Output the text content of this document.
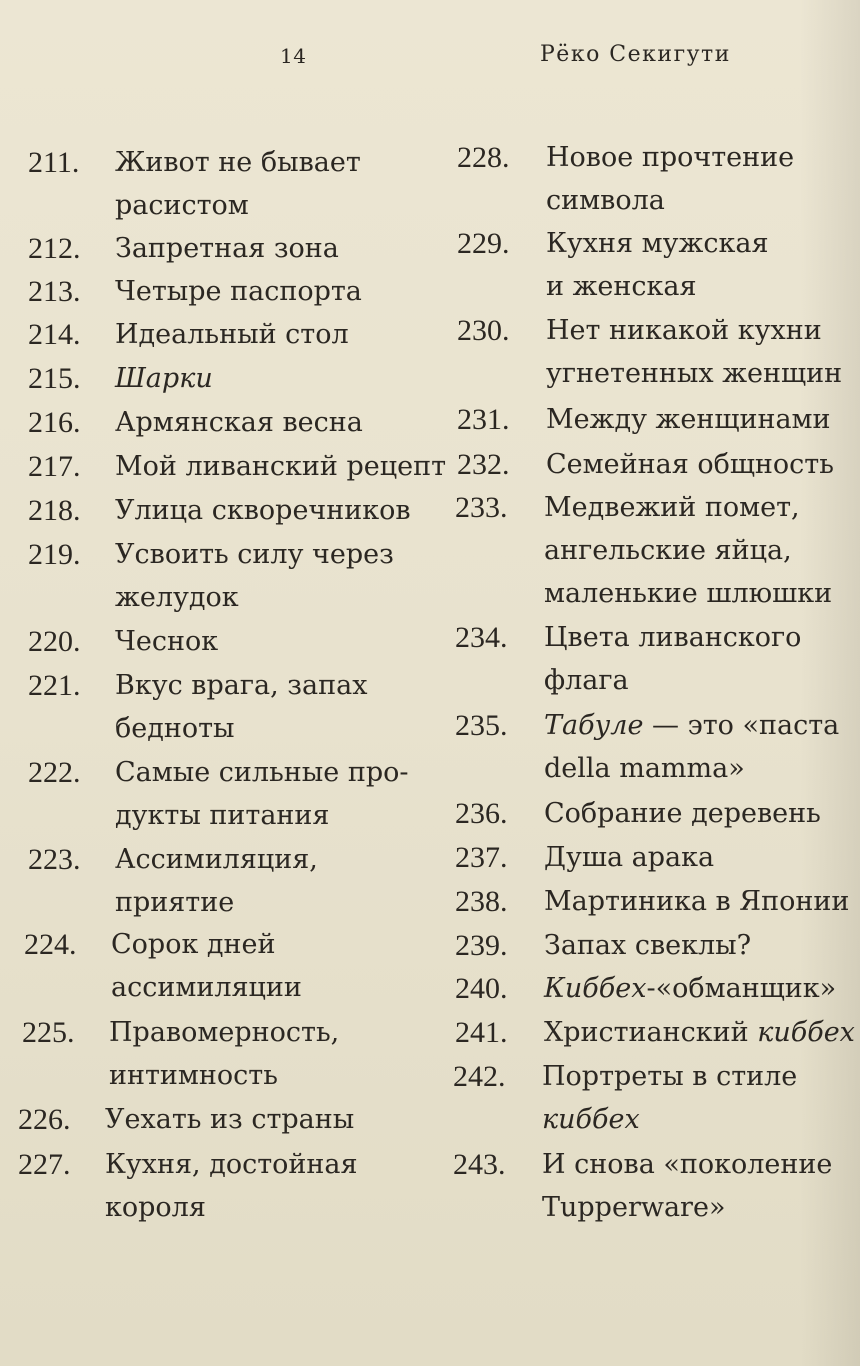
14	Рёко Секигути
211. Живот не бывает
расистом
212. Запретная зона
213. Четыре паспорта
214. Идеальный стол
215. Шарки
216. Армянская весна
217. Мой ливанский рецепт
218. Улица скворечников
219. Усвоить силу через
желудок
220. Чеснок
221. Вкус врага, запах
бедноты
222. Самые сильные про-
дукты питания
223. Ассимиляция,
приятие
224. Сорок дней
ассимиляции
225. Правомерность,
интимность
226. Уехать из страны
227. Кухня, достойная
короля
228. Новое прочтение
символа
229. Кухня мужская
и женская
230. Нет никакой кухни
угнетенных женщин
231. Между женщинами
232. Семейная общность
233. Медвежий помет,
ангельские яйца,
маленькие шлюшки
234. Цвета ливанского
флага
235. Табуле — это «паста
della mamma»
236. Собрание деревень
237. Душа арака
238. Мартиника в Японии
239. Запах свеклы?
240. Киббех-«обманщик»
241. Христианский киббех
242. Портреты в стиле
киббех
243. И снова «поколение
Tupperware»
